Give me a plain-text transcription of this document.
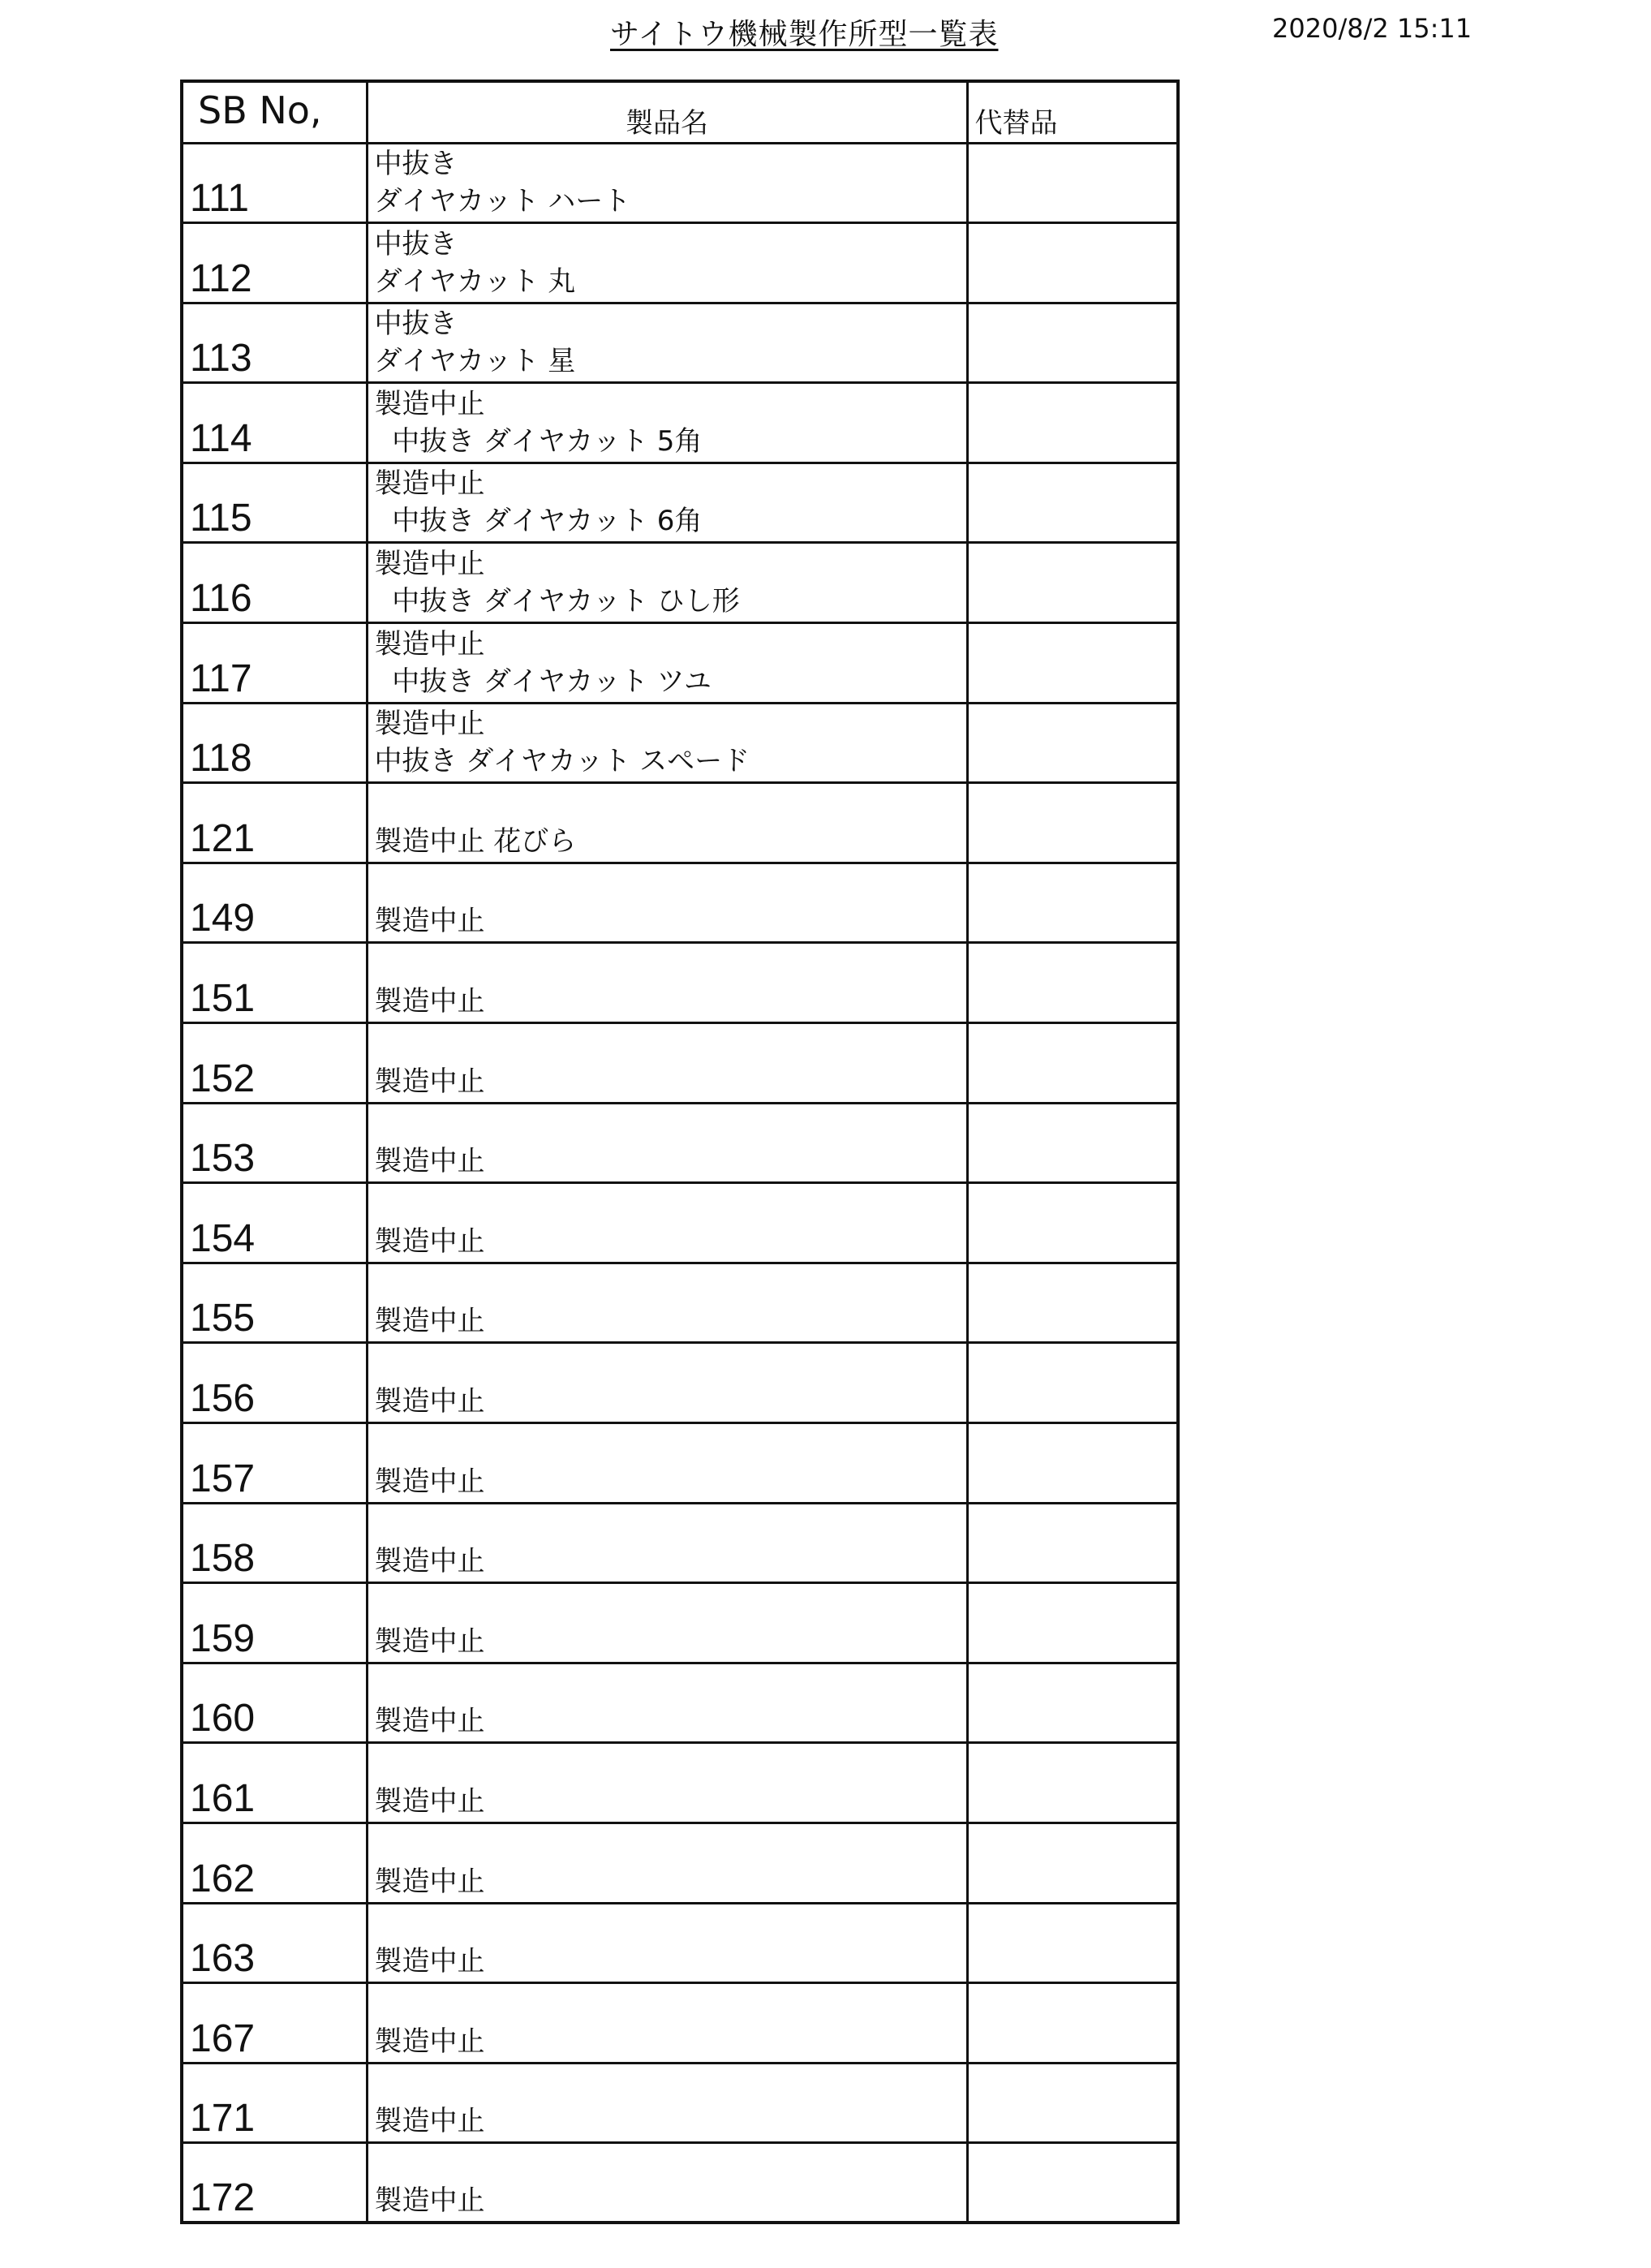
サイトウ機械製作所型一覧表	2020/8/2 15:11
SB No,	製品名	代替品
111	中抜き
ダイヤカット ハート	

112	中抜き
ダイヤカット 丸	

113	中抜き
ダイヤカット 星	

114	製造中止
中抜き ダイヤカット 5角	

115	製造中止
中抜き ダイヤカット 6角	

116	製造中止
中抜き ダイヤカット ひし形	

117	製造中止
中抜き ダイヤカット ツユ	

118	製造中止
中抜き ダイヤカット スペード	

121	製造中止 花びら	

149	製造中止	

151	製造中止	

152	製造中止	

153	製造中止	

154	製造中止	

155	製造中止	

156	製造中止	

157	製造中止	

158	製造中止	

159	製造中止	

160	製造中止	

161	製造中止	

162	製造中止	

163	製造中止	

167	製造中止	

171	製造中止	

172	製造中止	
